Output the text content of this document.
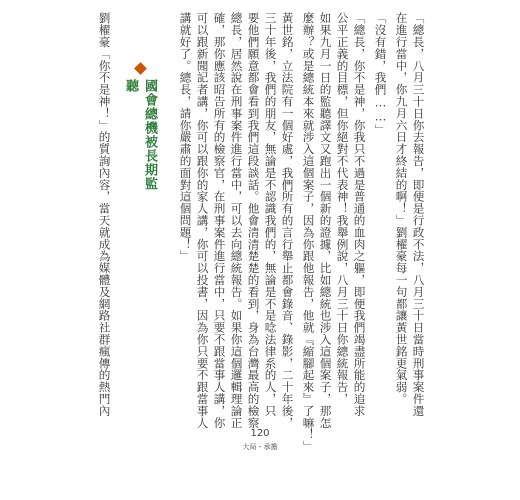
「總長，八月三十日你去報告，即便是行政不法，八月三十日當時刑事案件還
在進行當中，你九月六日才終結的啊！」劉櫂豪每一句都讓黃世銘更氣弱。
「沒有錯，我們……」
「總長，你不是神，你我只不過是普通的血肉之軀，即便我們竭盡所能的追求
公平正義的目標，但你絕對不代表神！我舉例說，八月三十日你總統報告，
如果九月一日的監聽譯文又跑出一個新的證據，比如總統也涉入這個案子，那怎
麼辦？或是總統本來就涉入這個案子，因為你跟他報告，他就『縮腳起來』了嘛！」
黃世銘，立法院有一個好處，我們所有的言行舉止都會錄音、錄影，二十年後，
三十年後，我們的朋友，無論是不認識我們的，無論是不是唸法律系的人，只
要他們願意都會看到我們這段談話。他會清清楚楚的看到，身為台灣最高的檢察
總長，居然說在刑事案件進行當中，可以去向總統報告。如果你這個邏輯理論正
確，那你應該昭告所有的檢察官，在刑事案件進行當中，只要不跟當事人講，你
可以跟新聞記者講，你可以跟你的家人講，你可以投書，因為你只要不跟當事人
講就好了。總長，請你嚴肅的面對這個問題！」
國會總機被長期監聽
劉櫂豪「你不是神！」的質詢內容，當天就成為媒體及網路社群瘋傳的熱門內
120
大局・承擔
